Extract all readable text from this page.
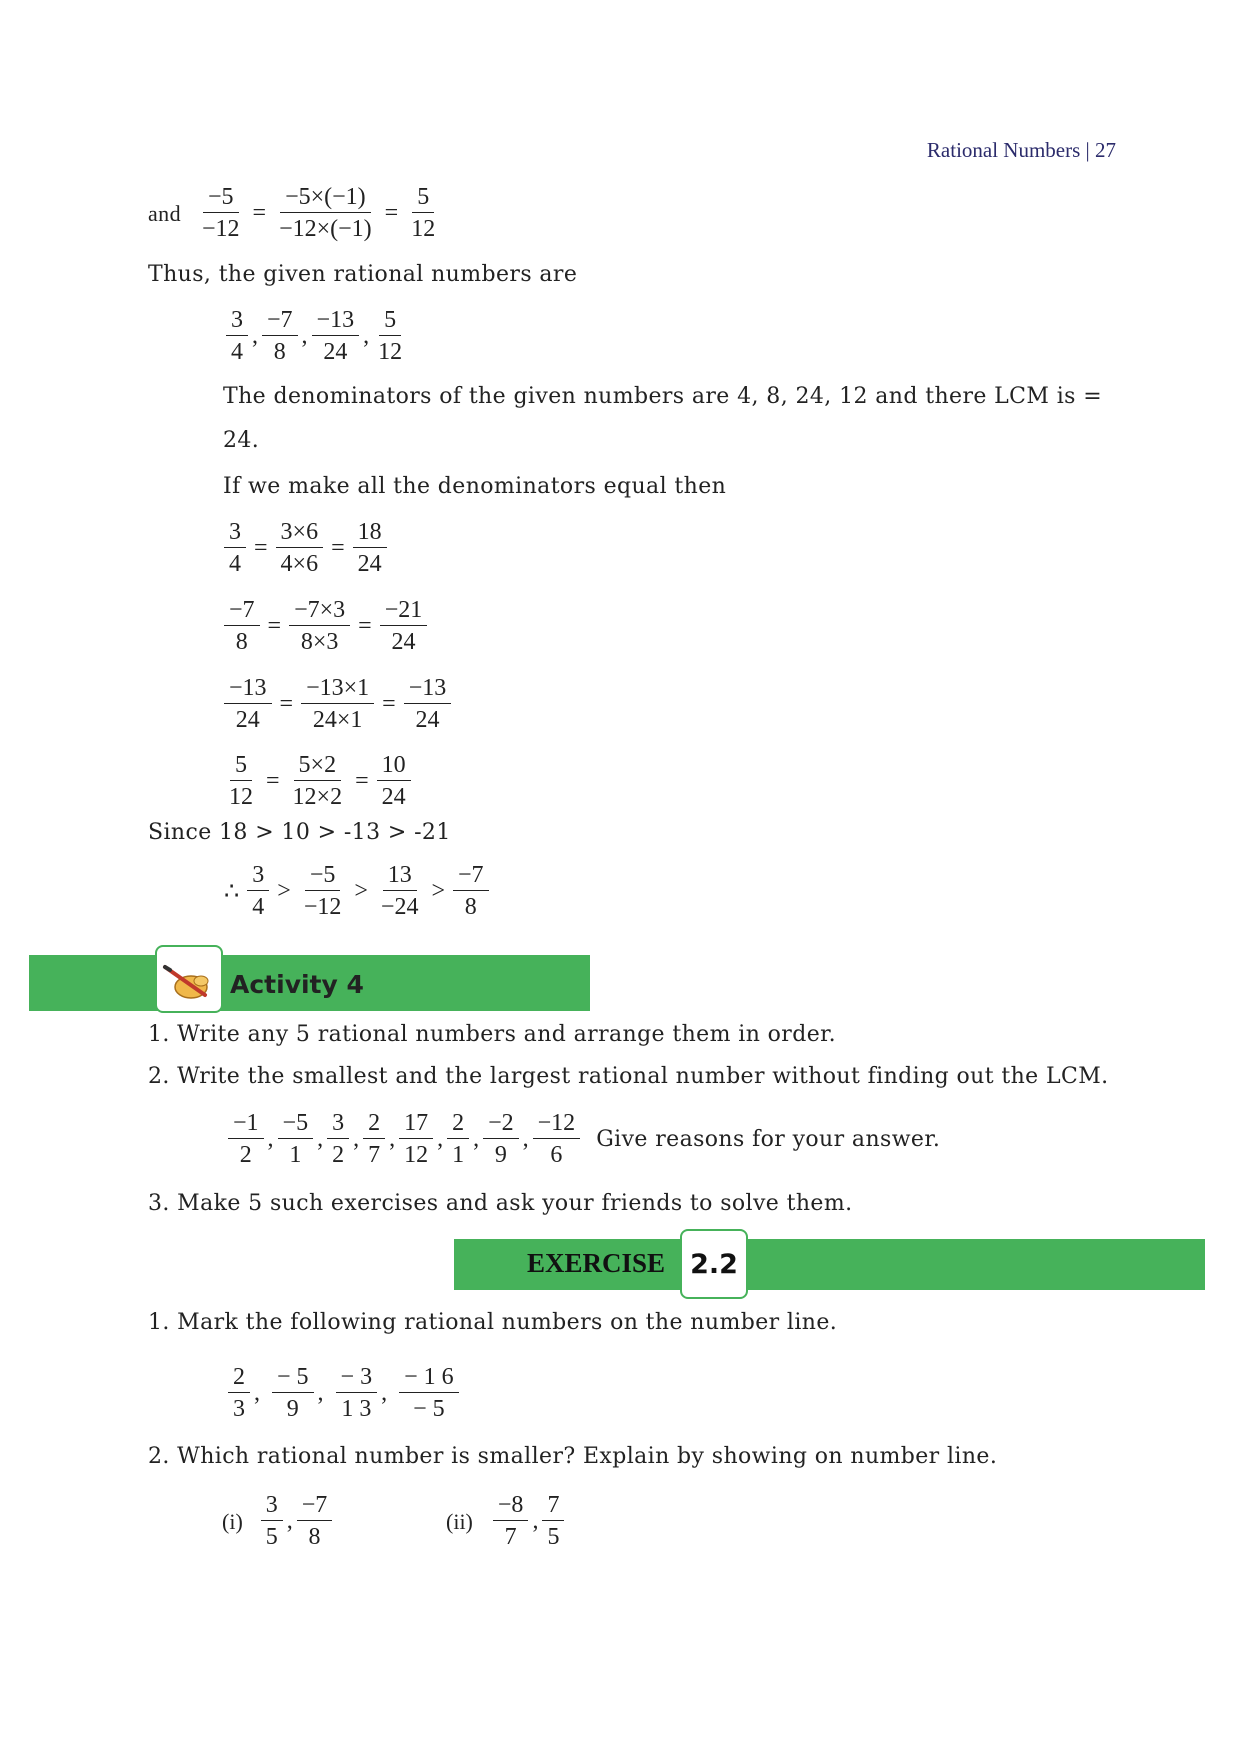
Rational Numbers | 27
and $\frac{-5}{-12} = \frac{-5\times(-1)}{-12\times(-1)} = \frac{5}{12}$
Thus, the given rational numbers are
$\frac{3}{4}$ , $\frac{-7}{8}$ , $\frac{-13}{24}$ , $\frac{5}{12}$
The denominators of the given numbers are 4, 8, 24, 12 and there LCM is =
24.
If we make all the denominators equal then
$\frac{3}{4} = \frac{3\times 6}{4\times 6} = \frac{18}{24}$
$\frac{-7}{8} = \frac{-7\times 3}{8\times 3} = \frac{-21}{24}$
$\frac{-13}{24} = \frac{-13\times 1}{24\times 1} = \frac{-13}{24}$
$\frac{5}{12} = \frac{5\times 2}{12\times 2} = \frac{10}{24}$
Since 18 > 10 > -13 > -21
∴ $\frac{3}{4} > \frac{-5}{-12} > \frac{13}{-24} > \frac{-7}{8}$
Activity 4
1. Write any 5 rational numbers and arrange them in order.
2. Write the smallest and the largest rational number without finding out the LCM.
$\frac{-1}{2}$ , $\frac{-5}{1}$ , $\frac{3}{2}$ , $\frac{2}{7}$ , $\frac{17}{12}$ , $\frac{2}{1}$ , $\frac{-2}{9}$ , $\frac{-12}{6}$ Give reasons for your answer.
3. Make 5 such exercises and ask your friends to solve them.
EXERCISE 2.2
1. Mark the following rational numbers on the number line.
$\frac{2}{3}$ , $\frac{- 5}{9}$ , $\frac{- 3}{1 3}$ , $\frac{- 1 6}{- 5}$
2. Which rational number is smaller? Explain by showing on number line.
$(i) \frac{3}{5}$ , $\frac{-7}{8}$	$(ii) \frac{-8}{7}$ , $\frac{7}{5}$
